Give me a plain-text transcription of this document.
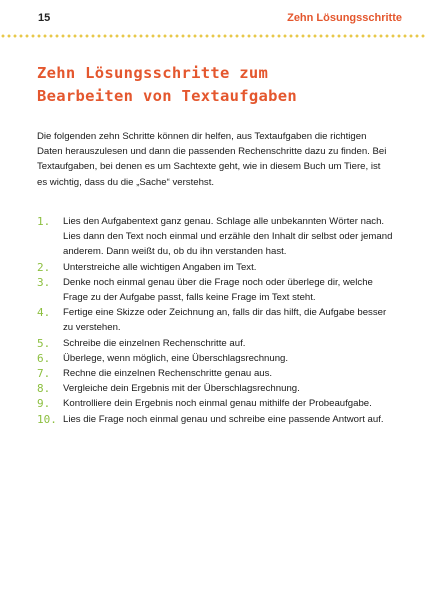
15	Zehn Lösungsschritte
Zehn Lösungsschritte zum
Bearbeiten von Textaufgaben

Die folgenden zehn Schritte können dir helfen, aus Textaufgaben die richtigen Daten herauszulesen und dann die passenden Rechenschritte dazu zu finden. Bei Textaufgaben, bei denen es um Sachtexte geht, wie in diesem Buch um Tiere, ist es wichtig, dass du die „Sache“ verstehst.

1.	Lies den Aufgabentext ganz genau. Schlage alle unbekannten Wörter nach. Lies dann den Text noch einmal und erzähle den Inhalt dir selbst oder jemand anderem. Dann weißt du, ob du ihn verstanden hast.
2.	Unterstreiche alle wichtigen Angaben im Text.
3.	Denke noch einmal genau über die Frage noch oder überlege dir, welche Frage zu der Aufgabe passt, falls keine Frage im Text steht.
4.	Fertige eine Skizze oder Zeichnung an, falls dir das hilft, die Aufgabe besser zu verstehen.
5.	Schreibe die einzelnen Rechenschritte auf.
6.	Überlege, wenn möglich, eine Überschlagsrechnung.
7.	Rechne die einzelnen Rechenschritte genau aus.
8.	Vergleiche dein Ergebnis mit der Überschlagsrechnung.
9.	Kontrolliere dein Ergebnis noch einmal genau mithilfe der Probeaufgabe.
10. Lies die Frage noch einmal genau und schreibe eine passende Antwort auf.
